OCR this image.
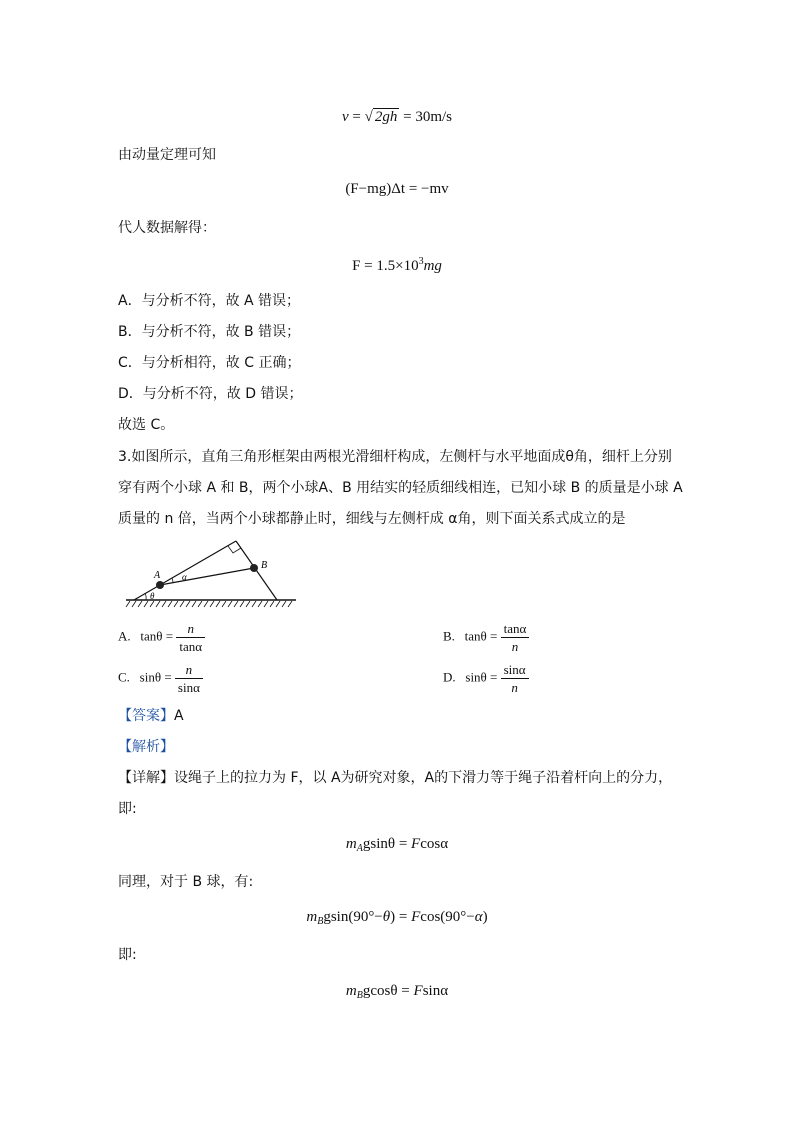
v = √ 2gh = 30m/s
由动量定理可知
(F−mg)Δt = −mv
代人数据解得：
$F = 1.5\times 10^3mg$
A．与分析不符，故 A 错误；
B．与分析不符，故 B 错误；
C．与分析相符，故 C 正确；
D．与分析不符，故 D 错误；
故选 C。
3.如图所示，直角三角形框架由两根光滑细杆构成，左侧杆与水平地面成θ角，细杆上分别
穿有两个小球 A 和 B，两个小球A、B 用结实的轻质细线相连，已知小球 B 的质量是小球 A
质量的 n 倍，当两个小球都静止时，细线与左侧杆成 α角，则下面关系式成立的是
A
B
α
θ
A. $\tan\theta = \frac{n}{\tan\alpha}$	B. $\tan\theta = \frac{\tan\alpha}{n}$
C. $\sin\theta = \frac{n}{\sin\alpha}$	D. $\sin\theta = \frac{\sin\alpha}{n}$
【答案】A
【解析】
【详解】设绳子上的拉力为 F，以 A为研究对象，A的下滑力等于绳子沿着杆向上的分力，
即:
$m_Agsin\theta = Fcos\alpha$
同理，对于 B 球，有:
$m_Bgsin(90^\circ-\theta) = Fcos(90^\circ-\alpha)$
即:
$m_Bgcos\theta = Fsin\alpha$
